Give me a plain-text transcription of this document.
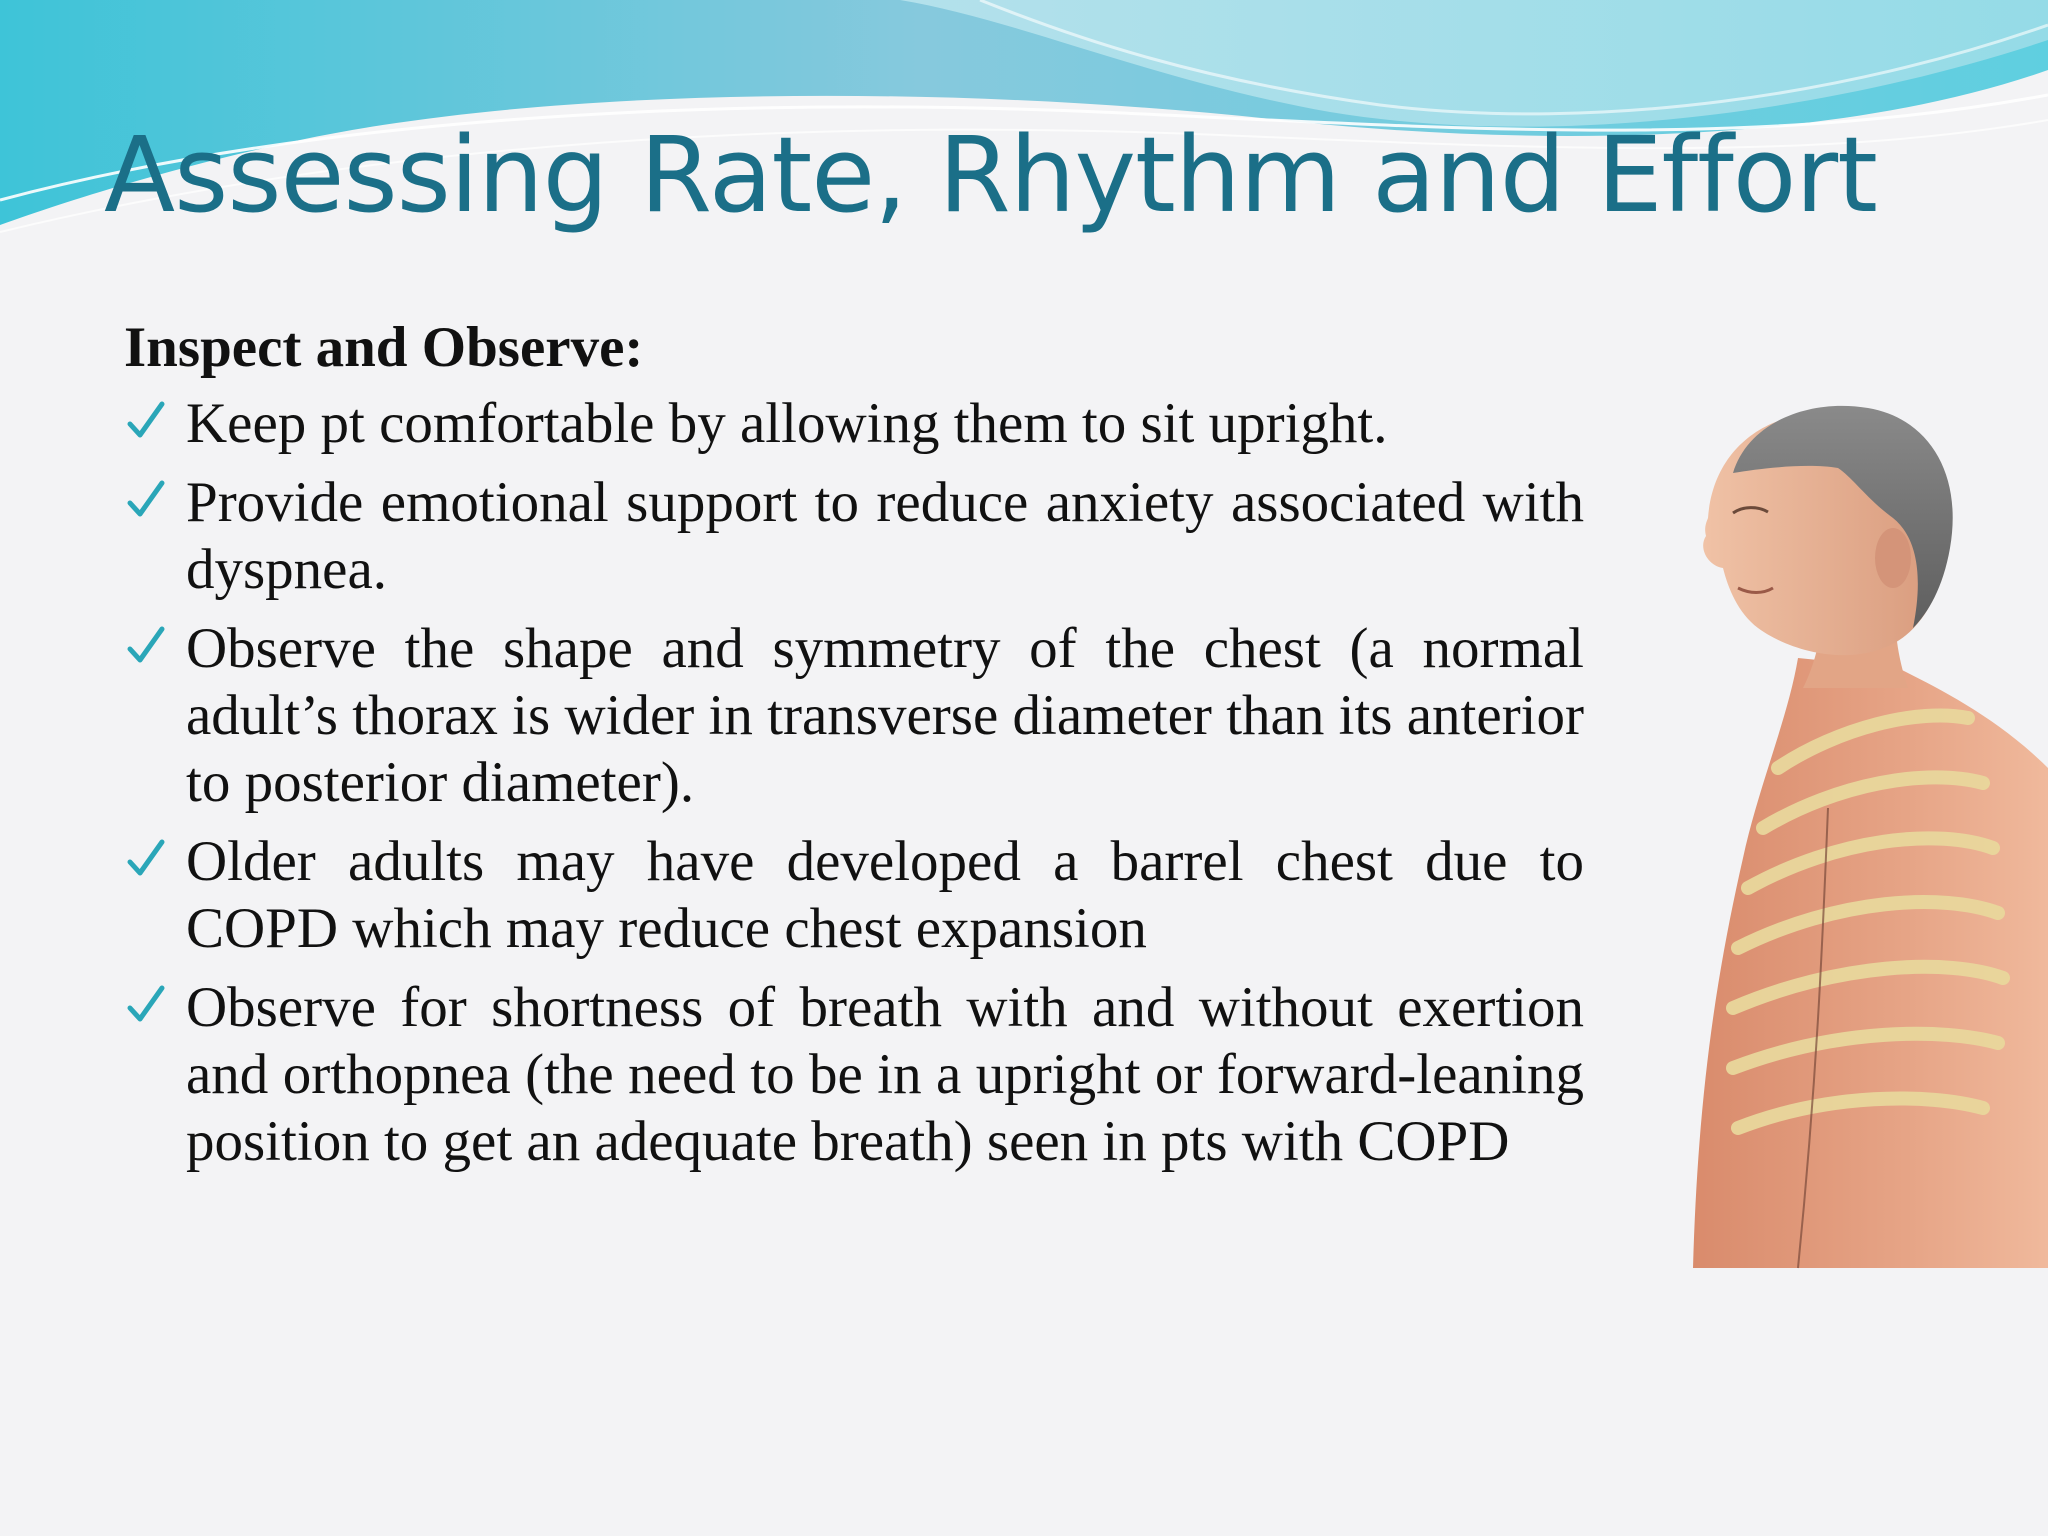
Assessing Rate, Rhythm and Effort

Inspect and Observe:

Keep pt comfortable by allowing them to sit upright.
Provide emotional support to reduce anxiety associated with dyspnea.
Observe the shape and symmetry of the chest (a normal adult’s thorax is wider in transverse diameter than its anterior to posterior diameter).
Older adults may have developed a barrel chest due to COPD which may reduce chest expansion
Observe for shortness of breath with and without exertion and orthopnea (the need to be in a upright or forward-leaning position to get an adequate breath) seen in pts with COPD
